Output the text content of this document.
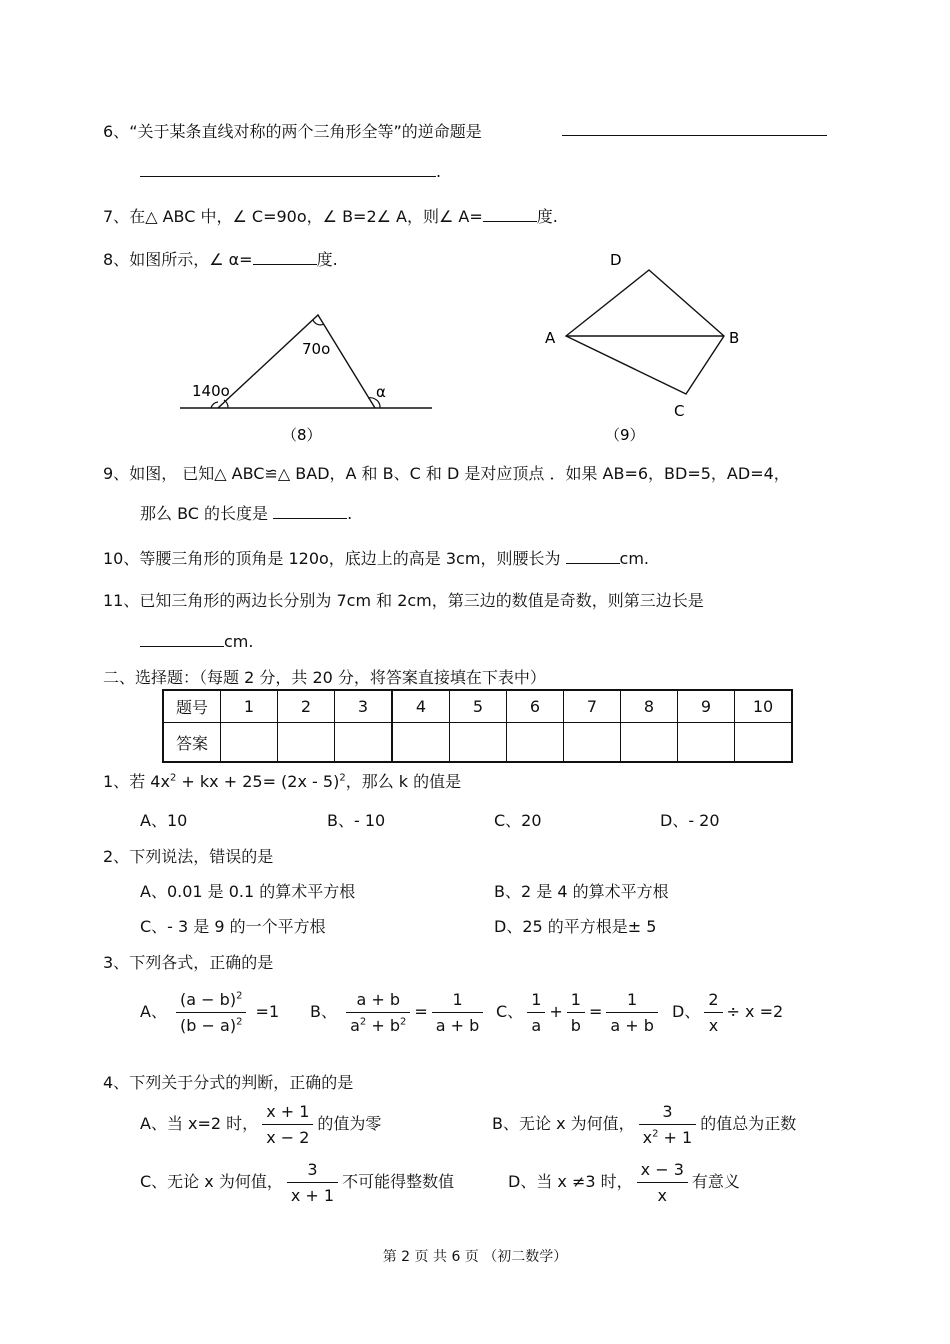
6、“关于某条直线对称的两个三角形全等”的逆命题是
.
7、在△ ABC 中，∠ C=90o，∠ B=2∠ A，则∠ A=	度.
8、如图所示，∠ α=	度.
70o
140o	α
（8）
D
A	B
C
（9）
9、如图， 已知△ ABC≌△ BAD，A 和 B、C 和 D 是对应顶点 ．如果 AB=6，BD=5，AD=4，
那么 BC 的长度是	.
10、等腰三角形的顶角是 120o，底边上的高是 3cm，则腰长为	cm.
11、已知三角形的两边长分别为 7cm 和 2cm，第三边的数值是奇数，则第三边长是
cm.
二、选择题：（每题 2 分，共 20 分，将答案直接填在下表中）
题号	1	2	3	4	5	6	7	8	9	10
答案										
1、若 $4x^2$ + kx + 25= (2x - 5)$^2$，那么 k 的值是
A、10	B、- 10	C、20	D、- 20
2、下列说法，错误的是
A、0.01 是 0.1 的算术平方根	B、2 是 4 的算术平方根
C、- 3 是 9 的一个平方根	D、25 的平方根是± 5
3、下列各式，正确的是
A、 $\frac{(a - b)^2}{(b - a)^2} =1$ B、 $\frac{a + b}{a^2 + b^2} = \frac{1}{a + b}$ C、 $\frac{1}{a} + \frac{1}{b} = \frac{1}{a + b}$ D、 $\frac{2}{x} \div x =2$
4、下列关于分式的判断，正确的是
A、当 x=2 时， $\frac{x + 1}{x - 2}$ 的值为零	B、无论 x 为何值， $\frac{3}{x^2 + 1}$ 的值总为正数
C、无论 x 为何值， $\frac{3}{x + 1}$ 不可能得整数值	D、当 x ≠3 时， $\frac{x - 3}{x}$ 有意义
第 2 页 共 6 页 （初二数学）
